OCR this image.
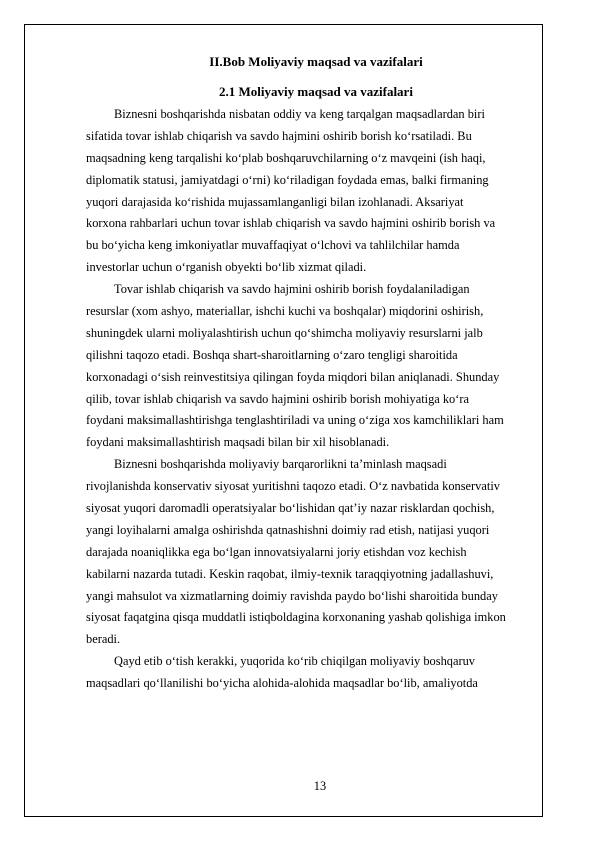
II.Bob Moliyaviy maqsad va vazifalari
2.1 Moliyaviy maqsad va vazifalari
Biznesni boshqarishda nisbatan oddiy va keng tarqalgan maqsadlardan biri
sifatida tovar ishlab chiqarish va savdo hajmini oshirib borish koʻrsatiladi. Bu
maqsadning keng tarqalishi koʻplab boshqaruvchilarning oʻz mavqeini (ish haqi,
diplomatik statusi, jamiyatdagi oʻrni) koʻriladigan foydada emas, balki firmaning
yuqori darajasida koʻrishida mujassamlanganligi bilan izohlanadi. Aksariyat
korxona rahbarlari uchun tovar ishlab chiqarish va savdo hajmini oshirib borish va
bu boʻyicha keng imkoniyatlar muvaffaqiyat oʻlchovi va tahlilchilar hamda
investorlar uchun oʻrganish obyekti boʻlib xizmat qiladi.
Tovar ishlab chiqarish va savdo hajmini oshirib borish foydalaniladigan
resurslar (xom ashyo, materiallar, ishchi kuchi va boshqalar) miqdorini oshirish,
shuningdek ularni moliyalashtirish uchun qoʻshimcha moliyaviy resurslarni jalb
qilishni taqozo etadi. Boshqa shart-sharoitlarning oʻzaro tengligi sharoitida
korxonadagi oʻsish reinvestitsiya qilingan foyda miqdori bilan aniqlanadi. Shunday
qilib, tovar ishlab chiqarish va savdo hajmini oshirib borish mohiyatiga koʻra
foydani maksimallashtirishga tenglashtiriladi va uning oʻziga xos kamchiliklari ham
foydani maksimallashtirish maqsadi bilan bir xil hisoblanadi.
Biznesni boshqarishda moliyaviy barqarorlikni ta’minlash maqsadi
rivojlanishda konservativ siyosat yuritishni taqozo etadi. Oʻz navbatida konservativ
siyosat yuqori daromadli operatsiyalar boʻlishidan qat’iy nazar risklardan qochish,
yangi loyihalarni amalga oshirishda qatnashishni doimiy rad etish, natijasi yuqori
darajada noaniqlikka ega boʻlgan innovatsiyalarni joriy etishdan voz kechish
kabilarni nazarda tutadi. Keskin raqobat, ilmiy-texnik taraqqiyotning jadallashuvi,
yangi mahsulot va xizmatlarning doimiy ravishda paydo boʻlishi sharoitida bunday
siyosat faqatgina qisqa muddatli istiqboldagina korxonaning yashab qolishiga imkon
beradi.
Qayd etib oʻtish kerakki, yuqorida koʻrib chiqilgan moliyaviy boshqaruv
maqsadlari qoʻllanilishi boʻyicha alohida-alohida maqsadlar boʻlib, amaliyotda
13
